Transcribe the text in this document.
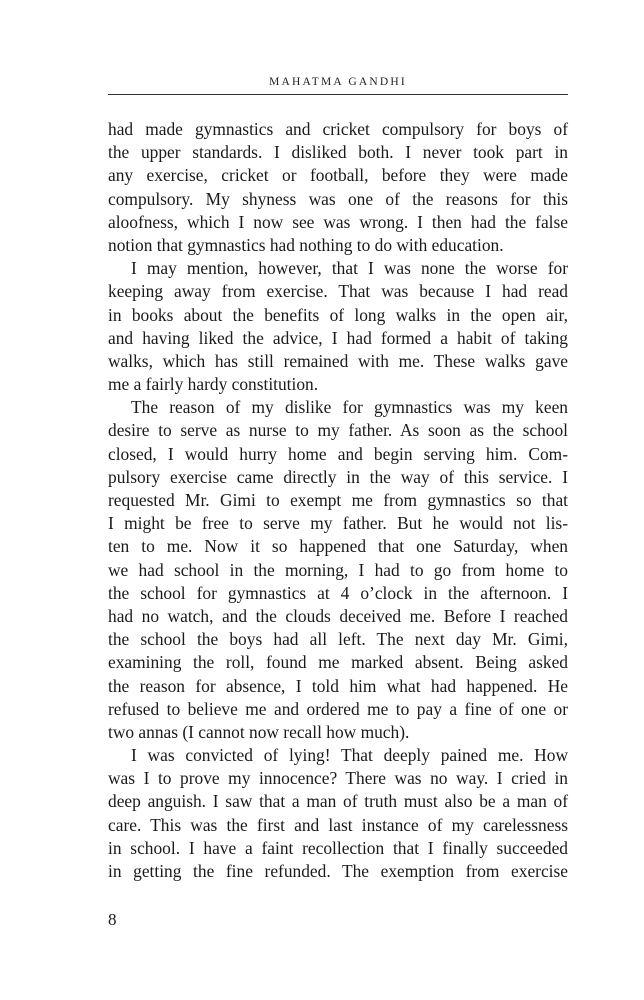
MAHATMA GANDHI

had made gymnastics and cricket compulsory for boys of
the upper standards. I disliked both. I never took part in
any exercise, cricket or football, before they were made
compulsory. My shyness was one of the reasons for this
aloofness, which I now see was wrong. I then had the false
notion that gymnastics had nothing to do with education.

I may mention, however, that I was none the worse for
keeping away from exercise. That was because I had read
in books about the benefits of long walks in the open air,
and having liked the advice, I had formed a habit of taking
walks, which has still remained with me. These walks gave
me a fairly hardy constitution.

The reason of my dislike for gymnastics was my keen
desire to serve as nurse to my father. As soon as the school
closed, I would hurry home and begin serving him. Com-
pulsory exercise came directly in the way of this service. I
requested Mr. Gimi to exempt me from gymnastics so that
I might be free to serve my father. But he would not lis-
ten to me. Now it so happened that one Saturday, when
we had school in the morning, I had to go from home to
the school for gymnastics at 4 o’clock in the afternoon. I
had no watch, and the clouds deceived me. Before I reached
the school the boys had all left. The next day Mr. Gimi,
examining the roll, found me marked absent. Being asked
the reason for absence, I told him what had happened. He
refused to believe me and ordered me to pay a fine of one or
two annas (I cannot now recall how much).

I was convicted of lying! That deeply pained me. How
was I to prove my innocence? There was no way. I cried in
deep anguish. I saw that a man of truth must also be a man of
care. This was the first and last instance of my carelessness
in school. I have a faint recollection that I finally succeeded
in getting the fine refunded. The exemption from exercise

8
